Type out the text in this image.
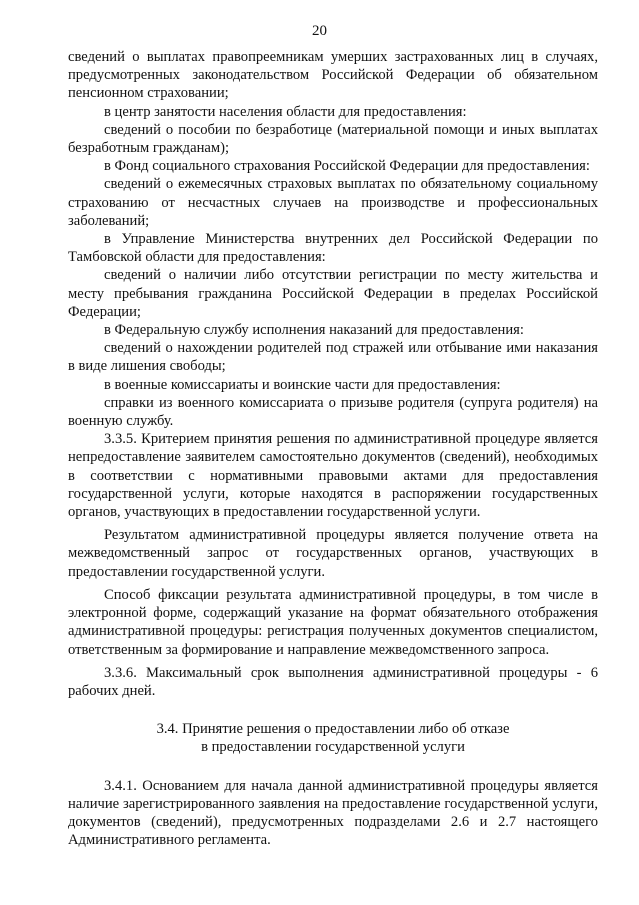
20

сведений о выплатах правопреемникам умерших застрахованных лиц в случаях, предусмотренных законодательством Российской Федерации об обязательном пенсионном страховании;

в центр занятости населения области для предоставления:

сведений о пособии по безработице (материальной помощи и иных выплатах безработным гражданам);

в Фонд социального страхования Российской Федерации для предоставления:

сведений о ежемесячных страховых выплатах по обязательному социальному страхованию от несчастных случаев на производстве и профессиональных заболеваний;

в Управление Министерства внутренних дел Российской Федерации по Тамбовской области для предоставления:

сведений о наличии либо отсутствии регистрации по месту жительства и месту пребывания гражданина Российской Федерации в пределах Российской Федерации;

в Федеральную службу исполнения наказаний для предоставления:

сведений о нахождении родителей под стражей или отбывание ими наказания в виде лишения свободы;

в военные комиссариаты и воинские части для предоставления:

справки из военного комиссариата о призыве родителя (супруга родителя) на военную службу.

3.3.5. Критерием принятия решения по административной процедуре является непредоставление заявителем самостоятельно документов (сведений), необходимых в соответствии с нормативными правовыми актами для предоставления государственной услуги, которые находятся в распоряжении государственных органов, участвующих в предоставлении государственной услуги.

Результатом административной процедуры является получение ответа на межведомственный запрос от государственных органов, участвующих в предоставлении государственной услуги.

Способ фиксации результата административной процедуры, в том числе в электронной форме, содержащий указание на формат обязательного отображения административной процедуры: регистрация полученных документов специалистом, ответственным за формирование и направление межведомственного запроса.

3.3.6. Максимальный срок выполнения административной процедуры - 6 рабочих дней.

3.4. Принятие решения о предоставлении либо об отказе
в предоставлении государственной услуги

3.4.1. Основанием для начала данной административной процедуры является наличие зарегистрированного заявления на предоставление государственной услуги, документов (сведений), предусмотренных подразделами 2.6 и 2.7 настоящего Административного регламента.
